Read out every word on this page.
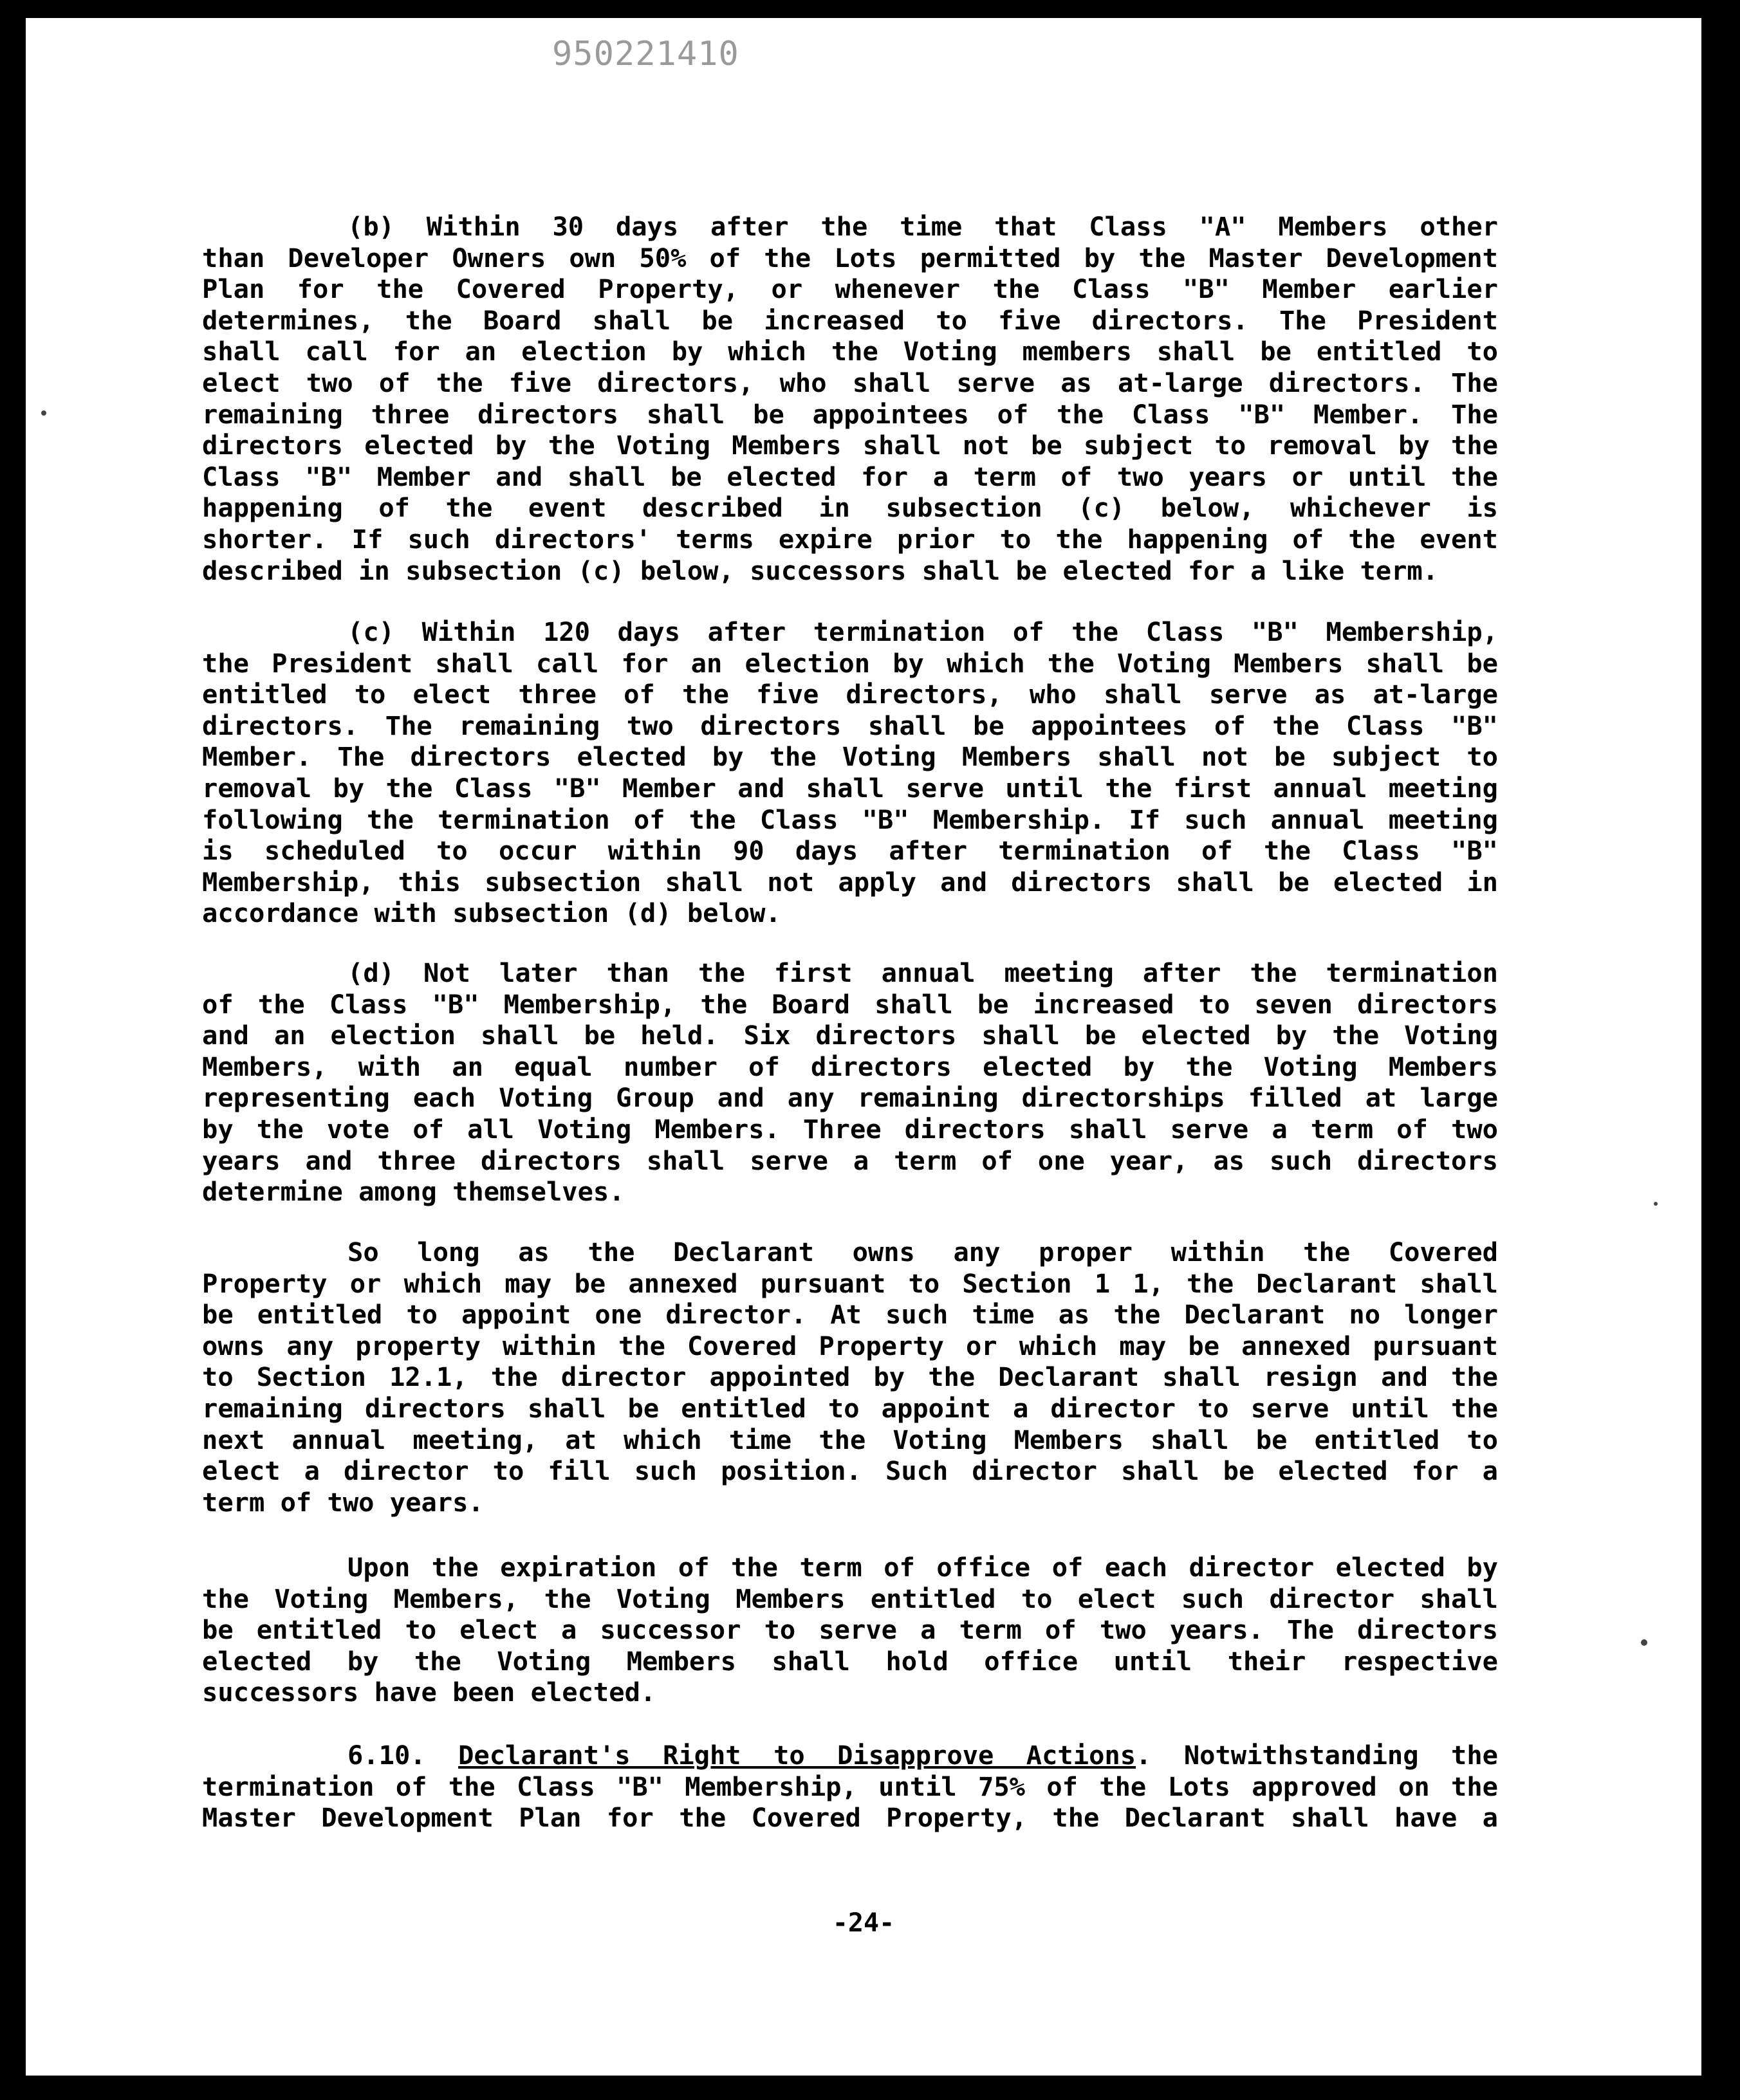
950221410
(b) Within 30 days after the time that Class "A" Members other
than Developer Owners own 50% of the Lots permitted by the Master Development
Plan for the Covered Property, or whenever the Class "B" Member earlier
determines, the Board shall be increased to five directors. The President
shall call for an election by which the Voting members shall be entitled to
elect two of the five directors, who shall serve as at-large directors. The
remaining three directors shall be appointees of the Class "B" Member. The
directors elected by the Voting Members shall not be subject to removal by the
Class "B" Member and shall be elected for a term of two years or until the
happening of the event described in subsection (c) below, whichever is
shorter. If such directors' terms expire prior to the happening of the event
described in subsection (c) below, successors shall be elected for a like term.
(c) Within 120 days after termination of the Class "B" Membership,
the President shall call for an election by which the Voting Members shall be
entitled to elect three of the five directors, who shall serve as at-large
directors. The remaining two directors shall be appointees of the Class "B"
Member. The directors elected by the Voting Members shall not be subject to
removal by the Class "B" Member and shall serve until the first annual meeting
following the termination of the Class "B" Membership. If such annual meeting
is scheduled to occur within 90 days after termination of the Class "B"
Membership, this subsection shall not apply and directors shall be elected in
accordance with subsection (d) below.
(d) Not later than the first annual meeting after the termination
of the Class "B" Membership, the Board shall be increased to seven directors
and an election shall be held. Six directors shall be elected by the Voting
Members, with an equal number of directors elected by the Voting Members
representing each Voting Group and any remaining directorships filled at large
by the vote of all Voting Members. Three directors shall serve a term of two
years and three directors shall serve a term of one year, as such directors
determine among themselves.
So long as the Declarant owns any proper within the Covered
Property or which may be annexed pursuant to Section 1 1, the Declarant shall
be entitled to appoint one director. At such time as the Declarant no longer
owns any property within the Covered Property or which may be annexed pursuant
to Section 12.1, the director appointed by the Declarant shall resign and the
remaining directors shall be entitled to appoint a director to serve until the
next annual meeting, at which time the Voting Members shall be entitled to
elect a director to fill such position. Such director shall be elected for a
term of two years.
Upon the expiration of the term of office of each director elected by
the Voting Members, the Voting Members entitled to elect such director shall
be entitled to elect a successor to serve a term of two years. The directors
elected by the Voting Members shall hold office until their respective
successors have been elected.
6.10. Declarant's Right to Disapprove Actions. Notwithstanding the
termination of the Class "B" Membership, until 75% of the Lots approved on the
Master Development Plan for the Covered Property, the Declarant shall have a
-24-
